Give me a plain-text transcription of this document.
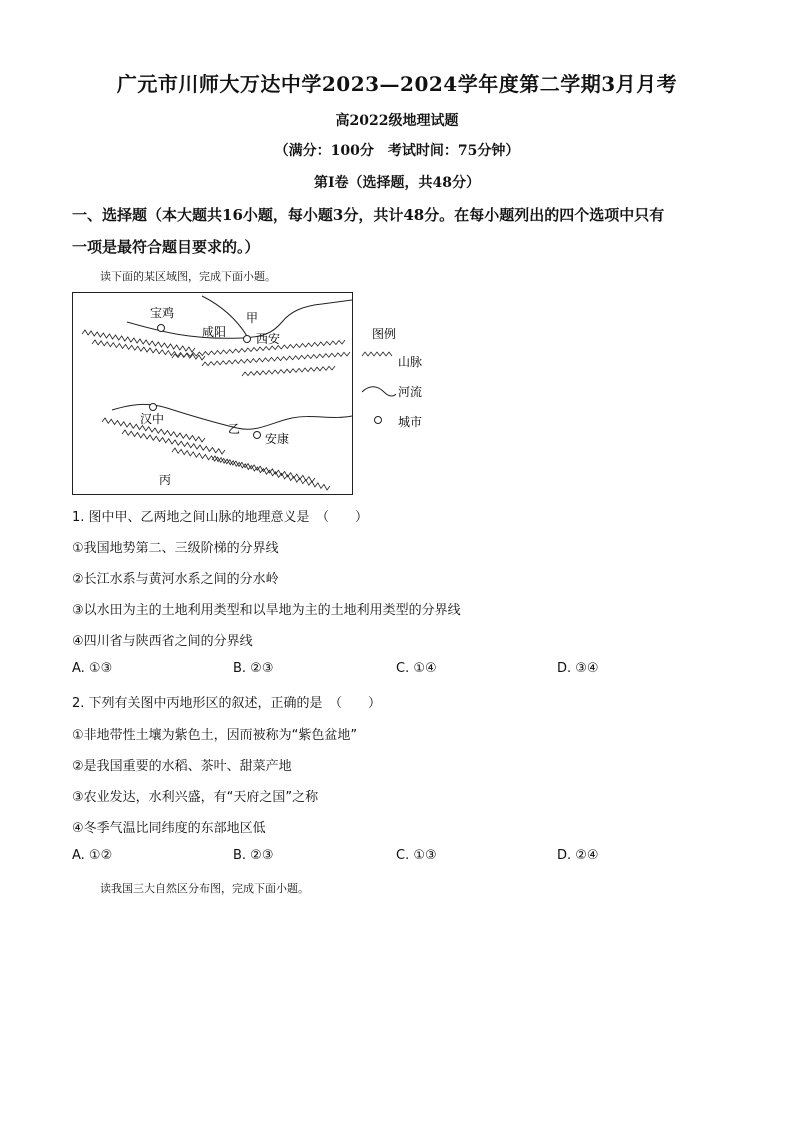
广元市川师大万达中学2023—2024学年度第二学期3月月考
高2022级地理试题
（满分：100分　考试时间：75分钟）
第Ⅰ卷（选择题，共48分）
一、选择题（本大题共16小题，每小题3分，共计48分。在每小题列出的四个选项中只有
一项是最符合题目要求的。）
读下面的某区域图，完成下面小题。
宝鸡
咸阳 西安
甲
汉中
乙
安康
丙
图例
山脉
河流
城市
1. 图中甲、乙两地之间山脉的地理意义是　（　　）
①我国地势第二、三级阶梯的分界线
②长江水系与黄河水系之间的分水岭
③以水田为主的土地利用类型和以旱地为主的土地利用类型的分界线
④四川省与陕西省之间的分界线
A. ①③	B. ②③	C. ①④	D. ③④
2. 下列有关图中丙地形区的叙述，正确的是　（　　）
①非地带性土壤为紫色土，因而被称为“紫色盆地”
②是我国重要的水稻、茶叶、甜菜产地
③农业发达，水利兴盛，有“天府之国”之称
④冬季气温比同纬度的东部地区低
A. ①②	B. ②③	C. ①③	D. ②④
读我国三大自然区分布图，完成下面小题。
